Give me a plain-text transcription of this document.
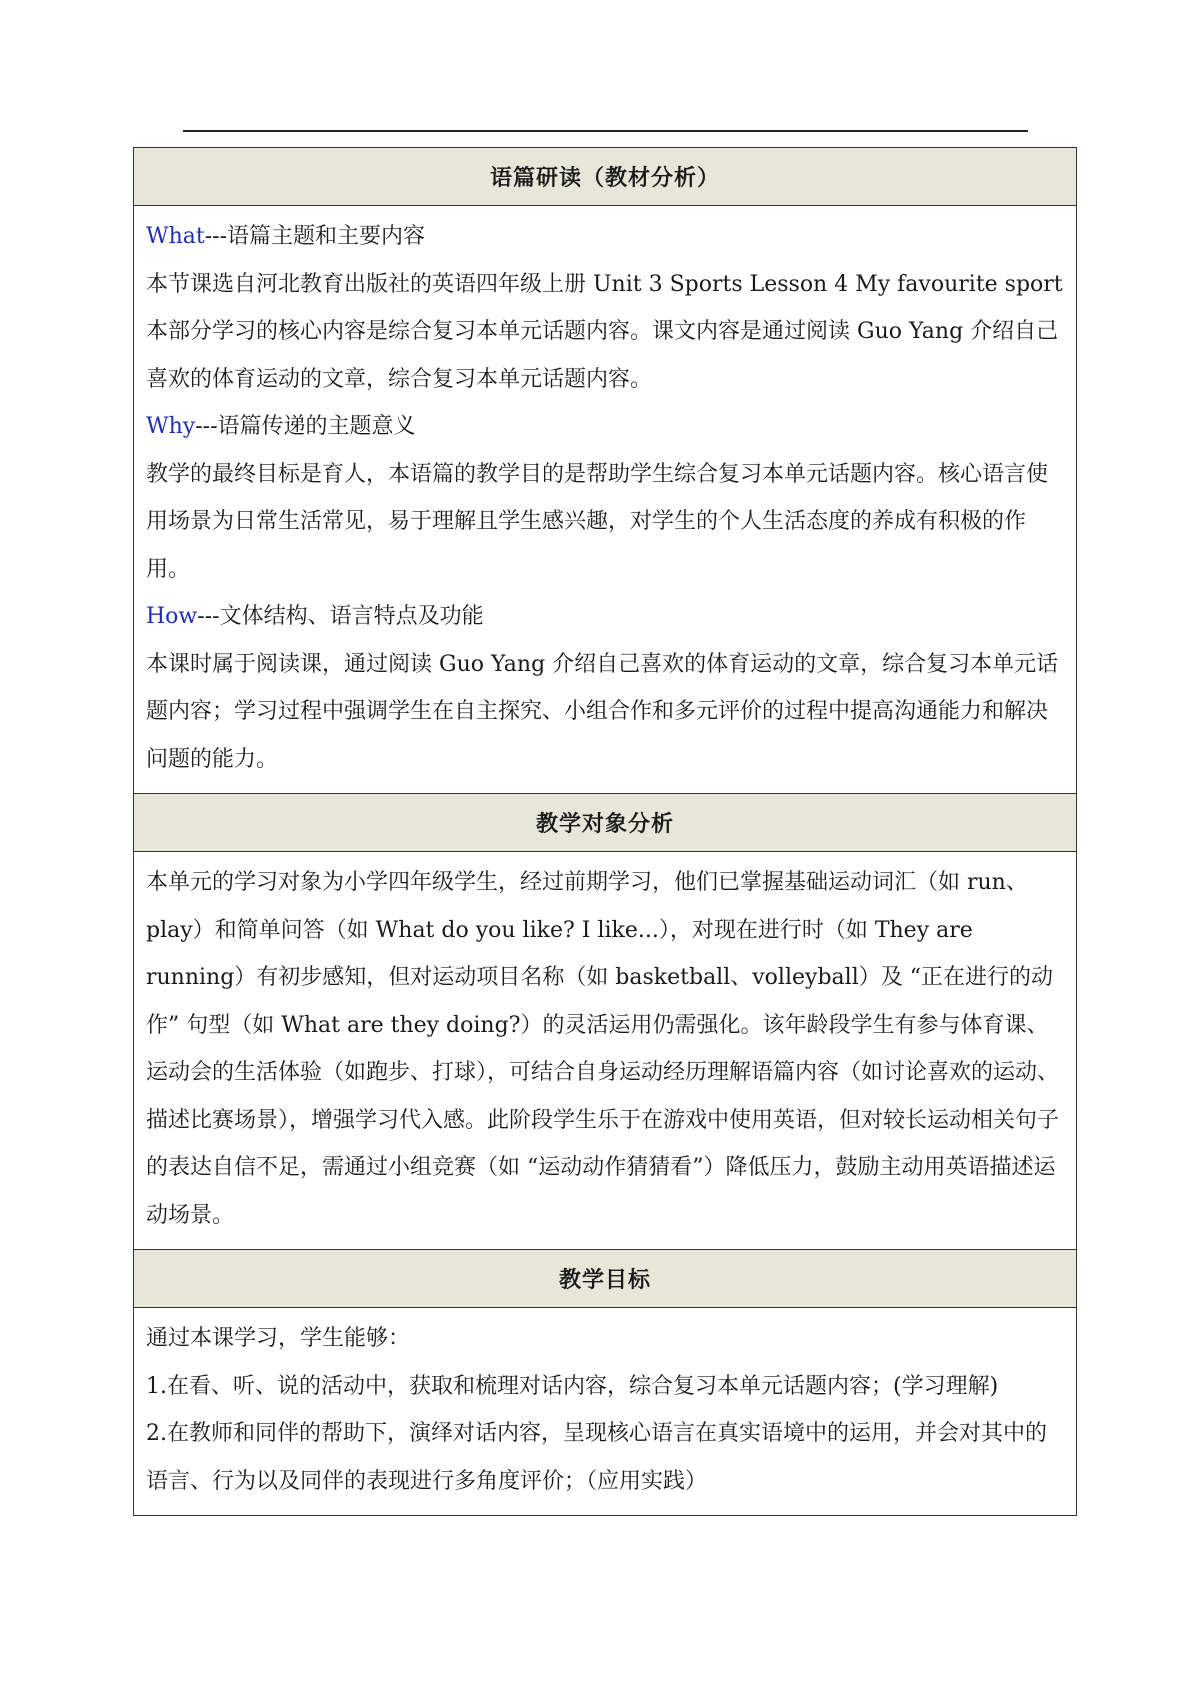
语篇研读（教材分析）

What---语篇主题和主要内容

本节课选自河北教育出版社的英语四年级上册 Unit 3 Sports Lesson 4 My favourite sport 本部分学习的核心内容是综合复习本单元话题内容。课文内容是通过阅读 Guo Yang 介绍自己喜欢的体育运动的文章，综合复习本单元话题内容。

Why---语篇传递的主题意义

教学的最终目标是育人，本语篇的教学目的是帮助学生综合复习本单元话题内容。核心语言使用场景为日常生活常见，易于理解且学生感兴趣，对学生的个人生活态度的养成有积极的作用。

How---文体结构、语言特点及功能

本课时属于阅读课，通过阅读 Guo Yang 介绍自己喜欢的体育运动的文章，综合复习本单元话题内容；学习过程中强调学生在自主探究、小组合作和多元评价的过程中提高沟通能力和解决问题的能力。

教学对象分析

本单元的学习对象为小学四年级学生，经过前期学习，他们已掌握基础运动词汇（如 run、play）和简单问答（如 What do you like? I like...），对现在进行时（如 They are running）有初步感知，但对运动项目名称（如 basketball、volleyball）及 “正在进行的动作” 句型（如 What are they doing?）的灵活运用仍需强化。该年龄段学生有参与体育课、运动会的生活体验（如跑步、打球），可结合自身运动经历理解语篇内容（如讨论喜欢的运动、描述比赛场景），增强学习代入感。此阶段学生乐于在游戏中使用英语，但对较长运动相关句子的表达自信不足，需通过小组竞赛（如 “运动动作猜猜看”）降低压力，鼓励主动用英语描述运动场景。

教学目标

通过本课学习，学生能够：

1.在看、听、说的活动中，获取和梳理对话内容，综合复习本单元话题内容；(学习理解)

2.在教师和同伴的帮助下，演绎对话内容，呈现核心语言在真实语境中的运用，并会对其中的语言、行为以及同伴的表现进行多角度评价；（应用实践）
